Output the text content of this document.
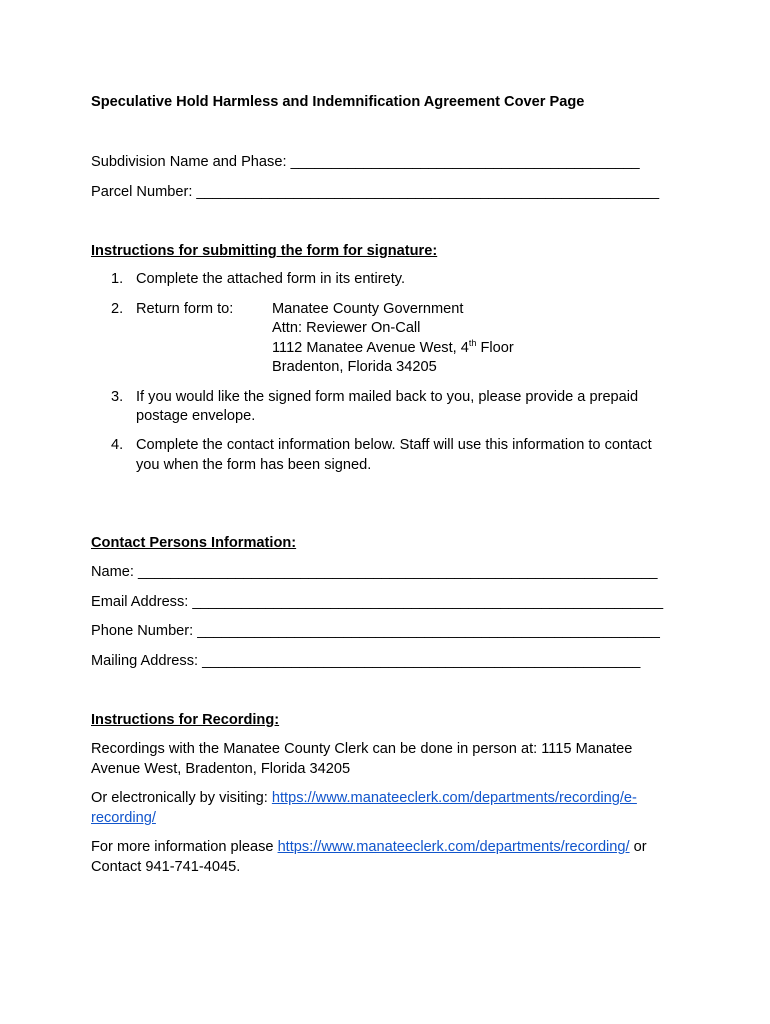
Speculative Hold Harmless and Indemnification Agreement Cover Page
Subdivision Name and Phase: ___________________________________________
Parcel Number: _________________________________________________________
Instructions for submitting the form for signature:
1. Complete the attached form in its entirety.
2. Return form to:	Manatee County Government
Attn: Reviewer On-Call
1112 Manatee Avenue West, 4th Floor
Bradenton, Florida 34205
3. If you would like the signed form mailed back to you, please provide a prepaid
postage envelope.
4. Complete the contact information below. Staff will use this information to contact
you when the form has been signed.
Contact Persons Information:
Name: ________________________________________________________________
Email Address: __________________________________________________________
Phone Number: _________________________________________________________
Mailing Address: ______________________________________________________
Instructions for Recording:
Recordings with the Manatee County Clerk can be done in person at: 1115 Manatee
Avenue West, Bradenton, Florida 34205
Or electronically by visiting: https://www.manateeclerk.com/departments/recording/e-
recording/
For more information please https://www.manateeclerk.com/departments/recording/ or
Contact 941-741-4045.
